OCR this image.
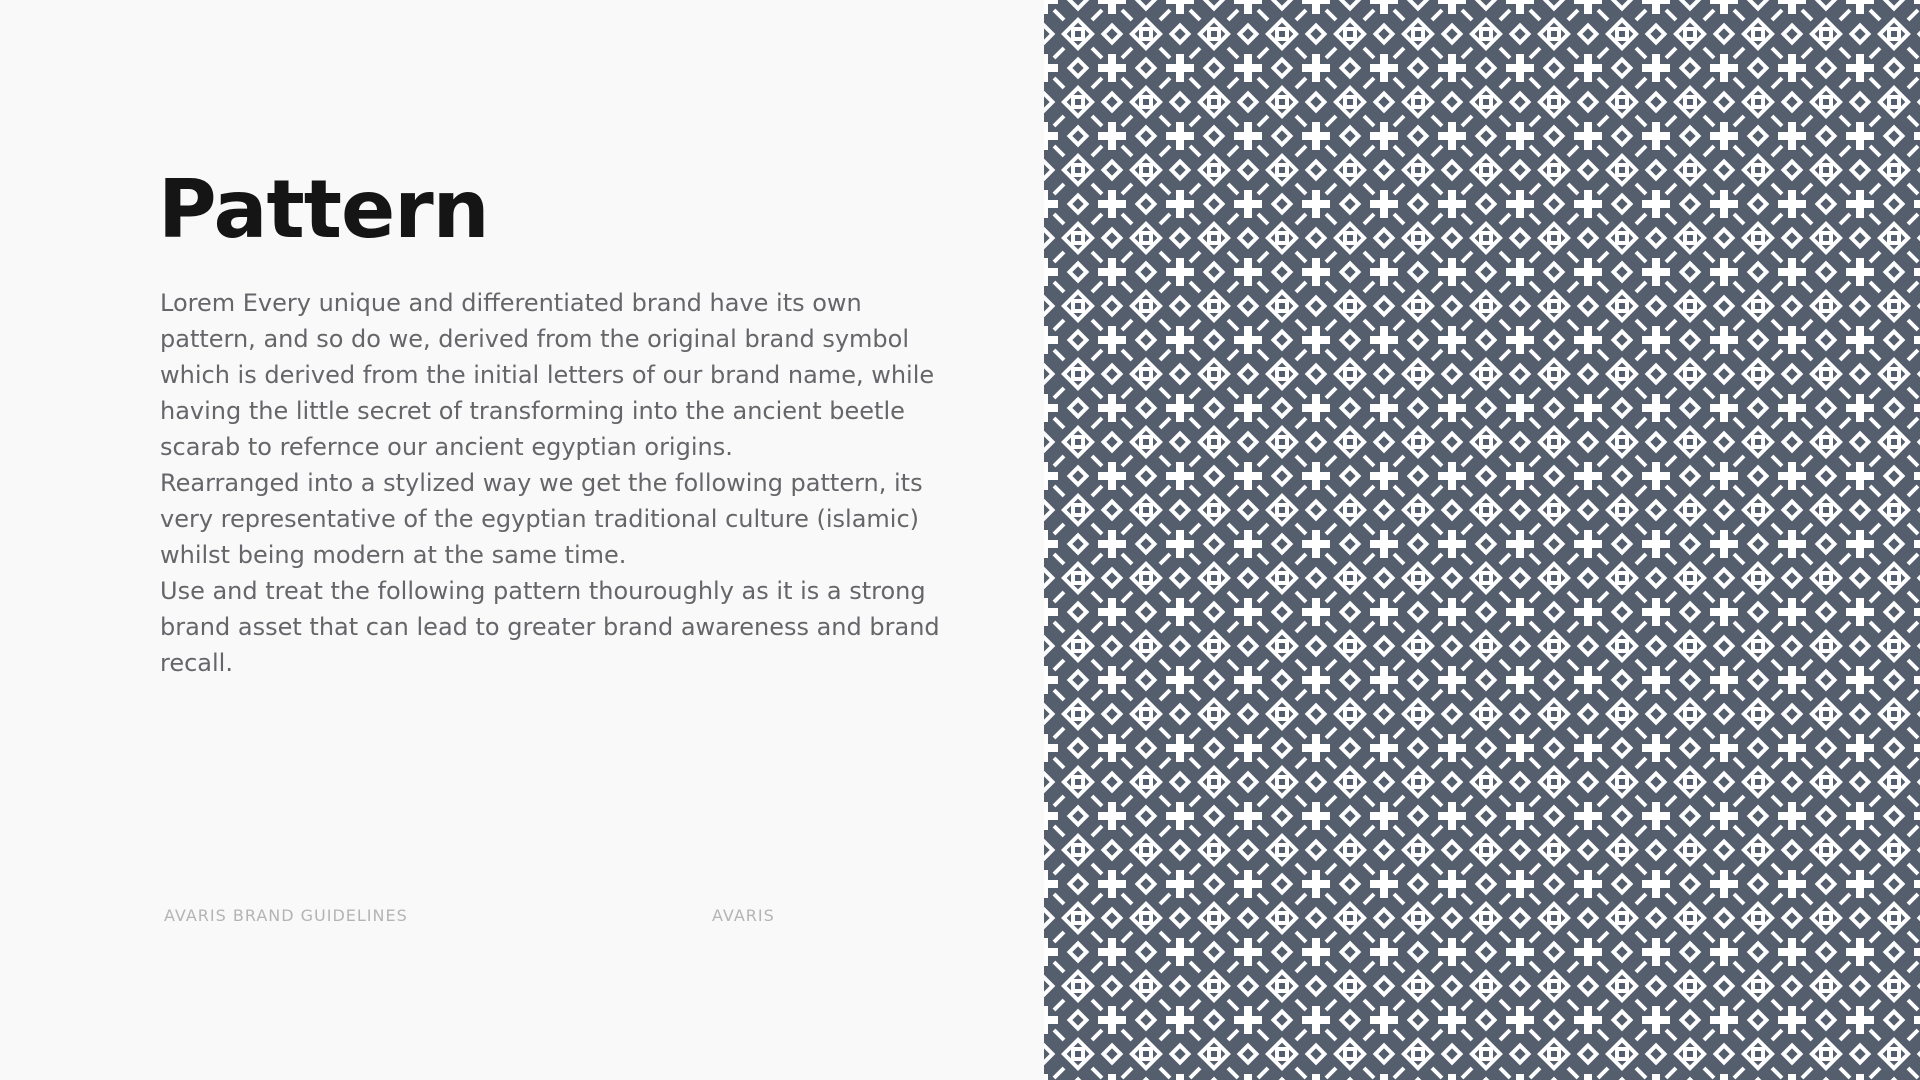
Pattern

Lorem Every unique and differentiated brand have its own pattern, and so do we, derived from the original brand symbol which is derived from the initial letters of our brand name, while having the little secret of transforming into the ancient beetle scarab to refernce our ancient egyptian origins.

Rearranged into a stylized way we get the following pattern, its very representative of the egyptian traditional culture (islamic) whilst being modern at the same time.

Use and treat the following pattern thouroughly as it is a strong brand asset that can lead to greater brand awareness and brand recall.

AVARIS BRAND GUIDELINES	AVARIS
